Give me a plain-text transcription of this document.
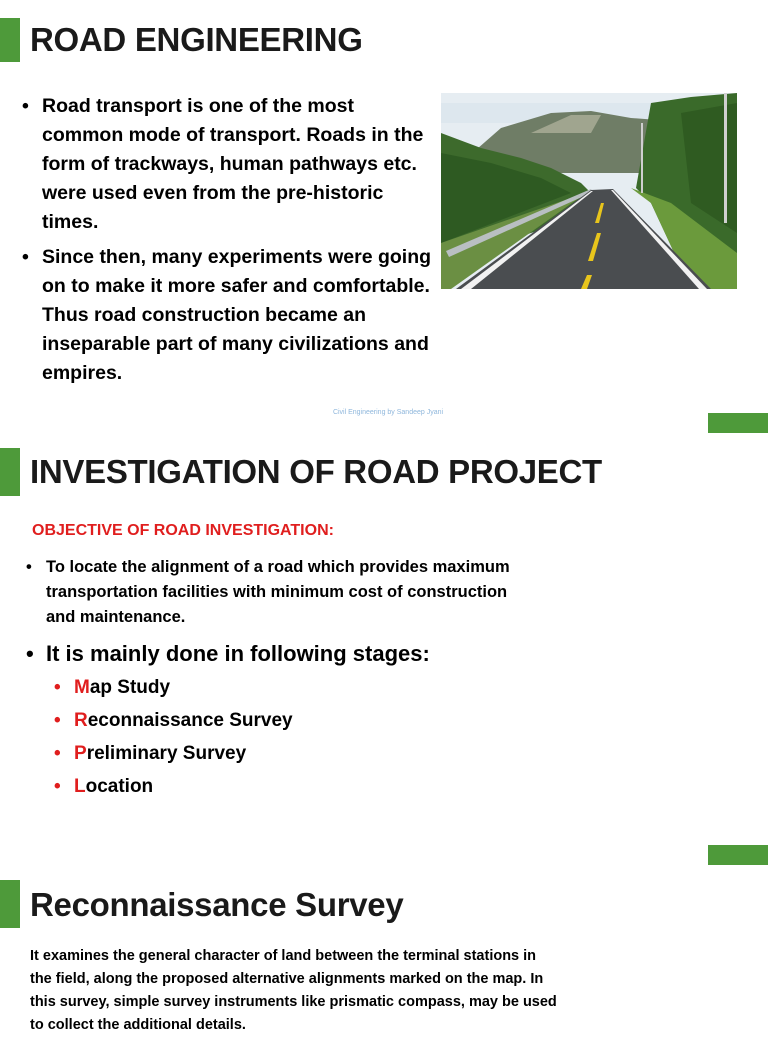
ROAD ENGINEERING
• Road transport is one of the most common mode of transport. Roads in the form of trackways, human pathways etc. were used even from the pre-historic times.
• Since then, many experiments were going on to make it more safer and comfortable. Thus road construction became an inseparable part of many civilizations and empires.
Civil Engineering by Sandeep Jyani
INVESTIGATION OF ROAD PROJECT
OBJECTIVE OF ROAD INVESTIGATION:
• To locate the alignment of a road which provides maximum transportation facilities with minimum cost of construction and maintenance.
• It is mainly done in following stages:
• Map Study
• Reconnaissance Survey
• Preliminary Survey
• Location
Reconnaissance Survey

It examines the general character of land between the terminal stations in the field, along the proposed alternative alignments marked on the map. In this survey, simple survey instruments like prismatic compass, may be used to collect the additional details.
